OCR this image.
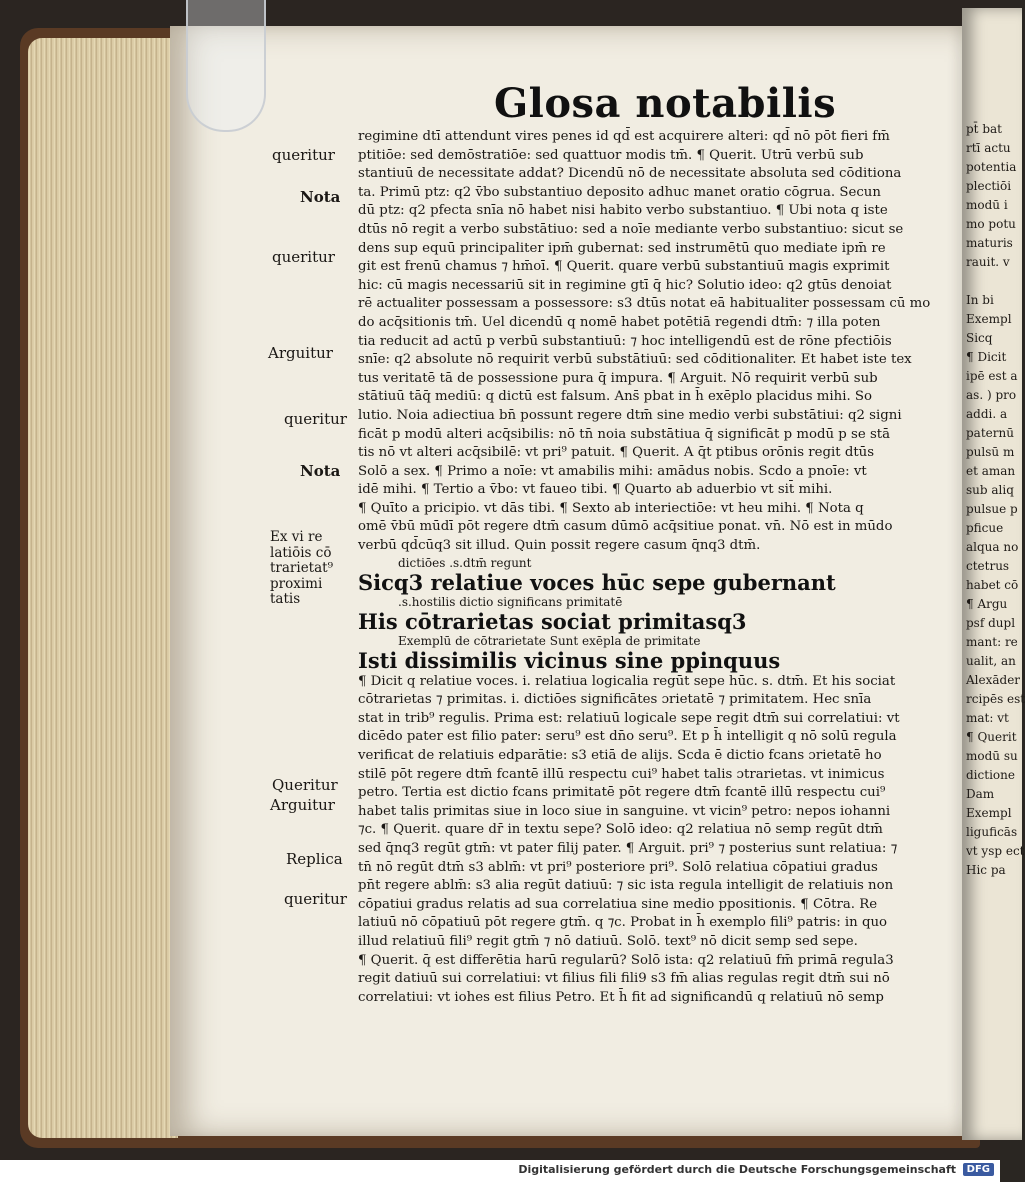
pt̄ bat
rtī actu
potentia
plectiōi
modū i
mo potu
maturis
rauit. v

In bi
Exempl
Sicq
¶ Dicit
ipē est a
as. ) pro
addi. a
paternū
pulsū m
et aman
sub aliq
pulsue p
pficue
alqua no
ctetrus
habet cō
¶ Argu
psf dupl
mant: re
ualit, an
Alexāder
rcipēs est
mat: vt
¶ Querit
modū su
dictione
Dam
Exempl
liguficās
vt ysp ect
Hic pa
Glosa notabilis

regimine dtī attendunt vires penes id qd̄ est acquirere alteri: qd̄ nō pōt fieri fm̄

ptitiōe: sed demōstratiōe: sed quattuor modis tm̄. ¶ Querit. Utrū verbū sub

stantiuū de necessitate addat? Dicendū nō de necessitate absoluta sed cōditiona

ta. Primū ptz: q2 v̄bo substantiuo deposito adhuc manet oratio cōgrua. Secun

dū ptz: q2 pfecta snīa nō habet nisi habito verbo substantiuo. ¶ Ubi nota q iste

dtūs nō regit a verbo substātiuo: sed a noīe mediante verbo substantiuo: sicut se

dens sup equū principaliter ipm̄ gubernat: sed instrumētū quo mediate ipm̄ re

git est frenū chamus ⁊ hm̄oī. ¶ Querit. quare verbū substantiuū magis exprimit

hic: cū magis necessariū sit in regimine gtī q̄ hic? Solutio ideo: q2 gtūs denoiat

rē actualiter possessam a possessore: s3 dtūs notat eā habitualiter possessam cū mo

do acq̄sitionis tm̄. Uel dicendū q nomē habet potētiā regendi dtm̄: ⁊ illa poten

tia reducit ad actū p verbū substantiuū: ⁊ hoc intelligendū est de rōne pfectiōis

snīe: q2 absolute nō requirit verbū substātiuū: sed cōditionaliter. Et habet iste tex

tus veritatē tā de possessione pura q̄ impura. ¶ Arguit. Nō requirit verbū sub

stātiuū tāq̄ mediū: q dictū est falsum. Ans̄ pbat in h̄ exēplo placidus mihi. So

lutio. Noia adiectiua bn̄ possunt regere dtm̄ sine medio verbi substātiui: q2 signi

ficāt p modū alteri acq̄sibilis: nō tn̄ noia substātiua q̄ significāt p modū p se stā

tis nō vt alteri acq̄sibilē: vt pri⁹ patuit. ¶ Querit. A q̄t ptibus orōnis regit dtūs

Solō a sex. ¶ Primo a noīe: vt amabilis mihi: amādus nobis. Scdo a pnoīe: vt

idē mihi. ¶ Tertio a v̄bo: vt faueo tibi. ¶ Quarto ab aduerbio vt sit̄ mihi.

¶ Quīto a pricipio. vt dās tibi. ¶ Sexto ab interiectiōe: vt heu mihi. ¶ Nota q

omē v̄bū mūdī pōt regere dtm̄ casum dūmō acq̄sitiue ponat. vn̄. Nō est in mūdo

verbū qd̄cūq3 sit illud. Quin possit regere casum q̄nq3 dtm̄.

dictiōes .s.dtm̄ regunt

Sicq3 relatiue voces hūc sepe gubernant

.s.hostilis dictio significans primitatē

His cōtrarietas sociat primitasq3

Exemplū de cōtrarietate Sunt exēpla de primitate

Isti dissimilis vicinus sine ppinquus

¶ Dicit q relatiue voces. i. relatiua logicalia regūt sepe hūc. s. dtm̄. Et his sociat

cōtrarietas ⁊ primitas. i. dictiōes significātes ɔrietatē ⁊ primitatem. Hec snīa

stat in trib⁹ regulis. Prima est: relatiuū logicale sepe regit dtm̄ sui correlatiui: vt

dicēdo pater est filio pater: seru⁹ est dn̄o seru⁹. Et p h̄ intelligit q nō solū regula

verificat de relatiuis edparātie: s3 etiā de alijs. Scda ē dictio fcans ɔrietatē ho

stilē pōt regere dtm̄ fcantē illū respectu cui⁹ habet talis ɔtrarietas. vt inimicus

petro. Tertia est dictio fcans primitatē pōt regere dtm̄ fcantē illū respectu cui⁹

habet talis primitas siue in loco siue in sanguine. vt vicin⁹ petro: nepos iohanni

⁊c. ¶ Querit. quare dr̄ in textu sepe? Solō ideo: q2 relatiua nō semp regūt dtm̄

sed q̄nq3 regūt gtm̄: vt pater filij pater. ¶ Arguit. pri⁹ ⁊ posterius sunt relatiua: ⁊

tn̄ nō regūt dtm̄ s3 ablm̄: vt pri⁹ posteriore pri⁹. Solō relatiua cōpatiui gradus

pn̄t regere ablm̄: s3 alia regūt datiuū: ⁊ sic ista regula intelligit de relatiuis non

cōpatiui gradus relatis ad sua correlatiua sine medio ppositionis. ¶ Cōtra. Re

latiuū nō cōpatiuū pōt regere gtm̄. q ⁊c. Probat in h̄ exemplo fili⁹ patris: in quo

illud relatiuū fili⁹ regit gtm̄ ⁊ nō datiuū. Solō. text⁹ nō dicit semp sed sepe.

¶ Querit. q̄ est differētia harū regularū? Solō ista: q2 relatiuū fm̄ primā regula3

regit datiuū sui correlatiui: vt filius fili fili9 s3 fm̄ alias regulas regit dtm̄ sui nō

correlatiui: vt iohes est filius Petro. Et h̄ fit ad significandū q relatiuū nō semp

queritur
Nota
queritur
Arguitur
queritur
Nota
Queritur
Arguitur
Replica
queritur
Ex vi re
latiōis cō
trarietat⁹
proximi
tatis
Digitalisierung gefördert durch die Deutsche Forschungsgemeinschaft	DFG
